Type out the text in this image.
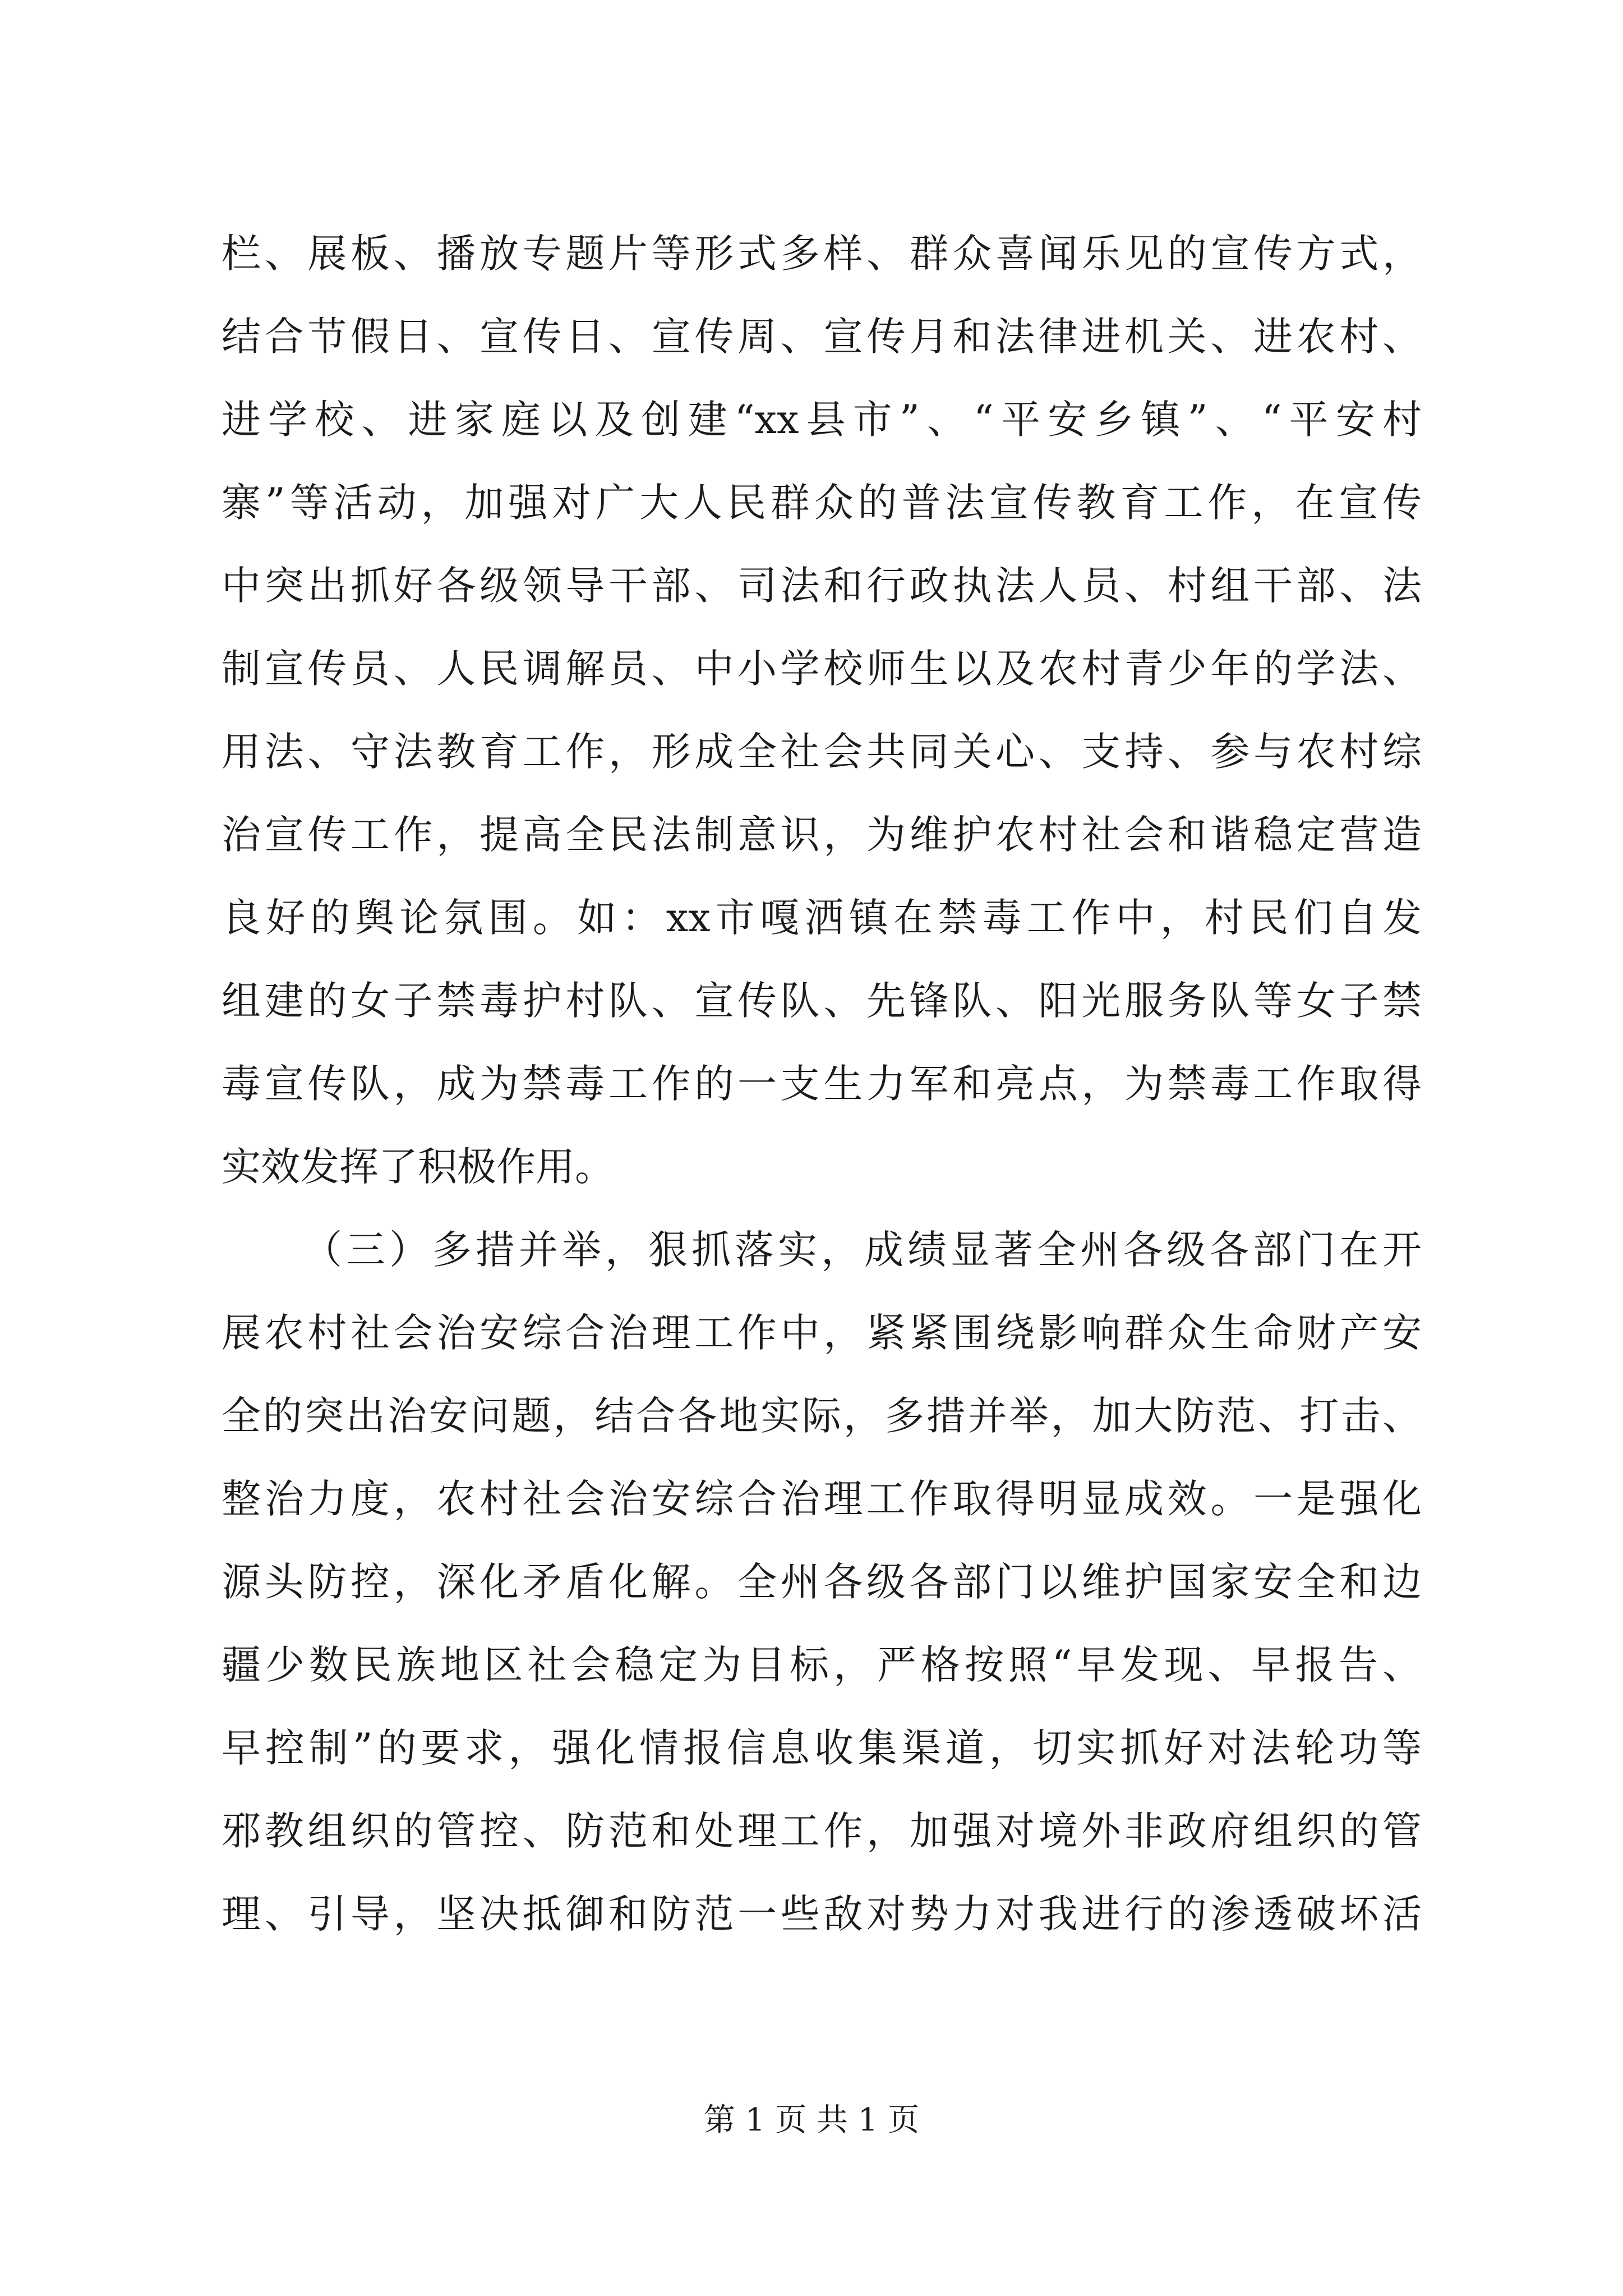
栏、展板、播放专题片等形式多样、群众喜闻乐见的宣传方式，
结合节假日、宣传日、宣传周、宣传月和法律进机关、进农村、
进学校、进家庭以及创建“xx县市”、“平安乡镇”、“平安村
寨”等活动，加强对广大人民群众的普法宣传教育工作，在宣传
中突出抓好各级领导干部、司法和行政执法人员、村组干部、法
制宣传员、人民调解员、中小学校师生以及农村青少年的学法、
用法、守法教育工作，形成全社会共同关心、支持、参与农村综
治宣传工作，提高全民法制意识，为维护农村社会和谐稳定营造
良好的舆论氛围。如：xx市嘎洒镇在禁毒工作中，村民们自发
组建的女子禁毒护村队、宣传队、先锋队、阳光服务队等女子禁
毒宣传队，成为禁毒工作的一支生力军和亮点，为禁毒工作取得
实效发挥了积极作用。
（三）多措并举，狠抓落实，成绩显著全州各级各部门在开
展农村社会治安综合治理工作中，紧紧围绕影响群众生命财产安
全的突出治安问题，结合各地实际，多措并举，加大防范、打击、
整治力度，农村社会治安综合治理工作取得明显成效。一是强化
源头防控，深化矛盾化解。全州各级各部门以维护国家安全和边
疆少数民族地区社会稳定为目标，严格按照“早发现、早报告、
早控制”的要求，强化情报信息收集渠道，切实抓好对法轮功等
邪教组织的管控、防范和处理工作，加强对境外非政府组织的管
理、引导，坚决抵御和防范一些敌对势力对我进行的渗透破坏活
第 1 页 共 1 页
